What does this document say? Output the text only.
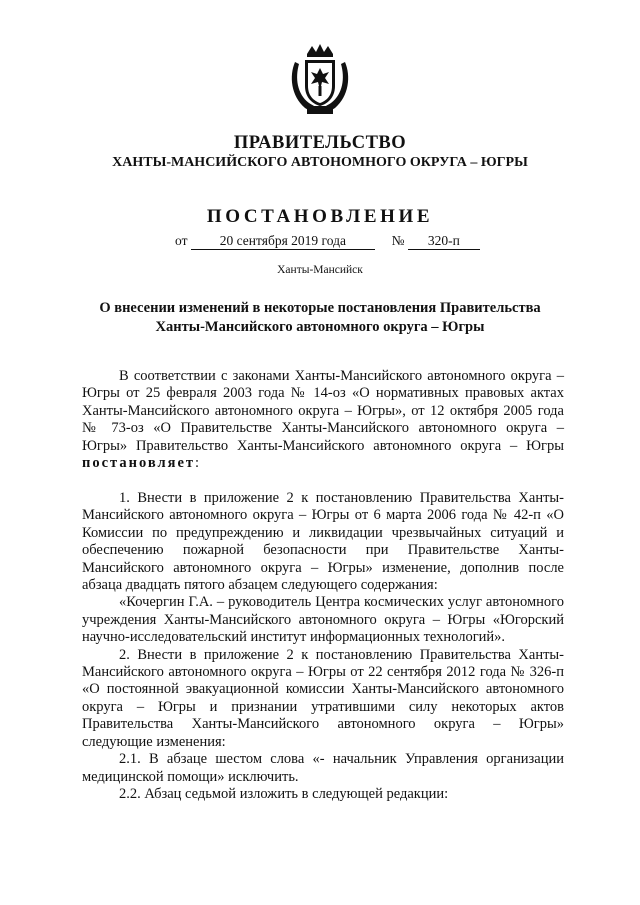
ПРАВИТЕЛЬСТВО
ХАНТЫ-МАНСИЙСКОГО АВТОНОМНОГО ОКРУГА – ЮГРЫ
ПОСТАНОВЛЕНИЕ
от 20 сентября 2019 года	№ 320-п
Ханты-Мансийск
О внесении изменений в некоторые постановления Правительства
Ханты-Мансийского автономного округа – Югры

В соответствии с законами Ханты-Мансийского автономного округа – Югры от 25 февраля 2003 года № 14-оз «О нормативных правовых актах Ханты-Мансийского автономного округа – Югры», от 12 октября 2005 года № 73-оз «О Правительстве Ханты-Мансийского автономного округа – Югры» Правительство Ханты-Мансийского автономного округа – Югры постановляет:

1. Внести в приложение 2 к постановлению Правительства Ханты-Мансийского автономного округа – Югры от 6 марта 2006 года № 42-п «О Комиссии по предупреждению и ликвидации чрезвычайных ситуаций и обеспечению пожарной безопасности при Правительстве Ханты-Мансийского автономного округа – Югры» изменение, дополнив после абзаца двадцать пятого абзацем следующего содержания:

«Кочергин Г.А. – руководитель Центра космических услуг автономного учреждения Ханты-Мансийского автономного округа – Югры «Югорский научно-исследовательский институт информационных технологий».

2. Внести в приложение 2 к постановлению Правительства Ханты-Мансийского автономного округа – Югры от 22 сентября 2012 года № 326-п «О постоянной эвакуационной комиссии Ханты-Мансийского автономного округа – Югры и признании утратившими силу некоторых актов Правительства Ханты-Мансийского автономного округа – Югры» следующие изменения:

2.1. В абзаце шестом слова «- начальник Управления организации медицинской помощи» исключить.

2.2. Абзац седьмой изложить в следующей редакции:
